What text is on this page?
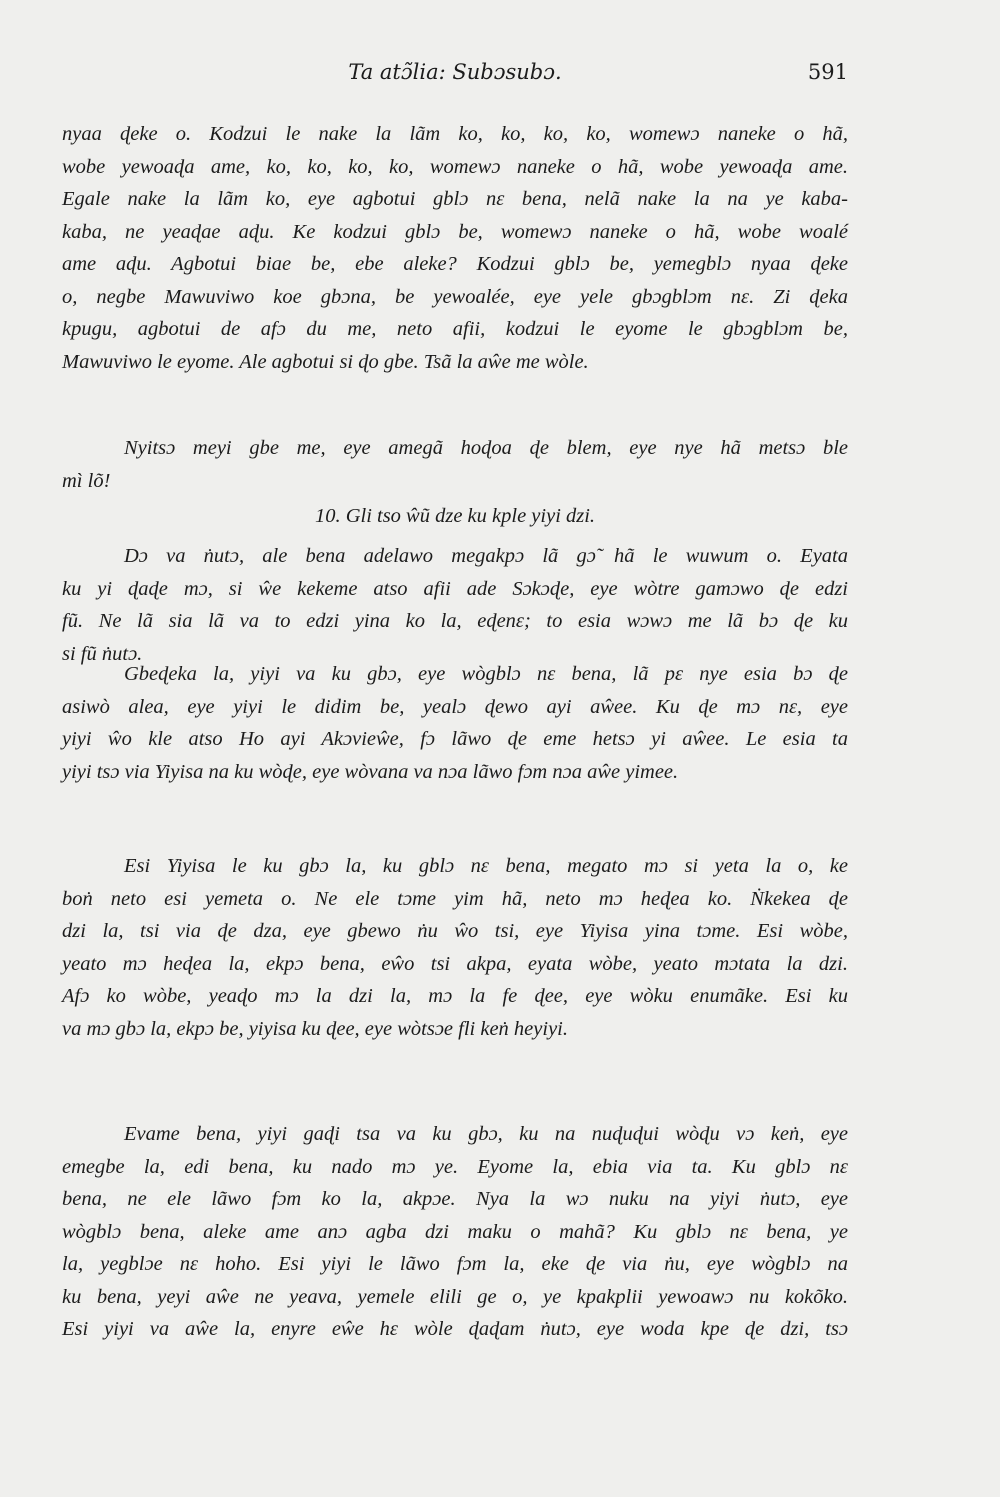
Ta atɔ̃lia: Subɔsubɔ.	591
nyaa ɖeke o. Kodzui le nake la lãm ko, ko, ko, ko, womewɔ naneke o hã,
wobe yewoaɖa ame, ko, ko, ko, ko, womewɔ naneke o hã, wobe yewoaɖa ame.
Egale nake la lãm ko, eye agbotui gblɔ nɛ bena, nelã nake la na ye kaba-
kaba, ne yeaɖae aɖu. Ke kodzui gblɔ be, womewɔ naneke o hã, wobe woalé
ame aɖu. Agbotui biae be, ebe aleke? Kodzui gblɔ be, yemegblɔ nyaa ɖeke
o, negbe Mawuviwo koe gbɔna, be yewoalée, eye yele gbɔgblɔm nɛ. Zi ɖeka
kpugu, agbotui de afɔ du me, neto afii, kodzui le eyome le gbɔgblɔm be,
Mawuviwo le eyome. Ale agbotui si ɖo gbe. Tsã la aŵe me wòle.
Nyitsɔ meyi gbe me, eye amegã hoɖoa ɖe blem, eye nye hã metsɔ ble
mì lõ!
10. Gli tso ŵũ dze ku kple yiyi dzi.
Dɔ va ṅutɔ, ale bena adelawo megakpɔ lã gɔ̃ hã le wuwum o. Eyata
ku yi ɖaɖe mɔ, si ŵe kekeme atso afii ade Sɔkɔɖe, eye wòtre gamɔwo ɖe edzi
fũ. Ne lã sia lã va to edzi yina ko la, eɖenɛ; to esia wɔwɔ me lã bɔ ɖe ku
si fũ ṅutɔ.
Gbeɖeka la, yiyi va ku gbɔ, eye wògblɔ nɛ bena, lã pɛ nye esia bɔ ɖe
asiwò alea, eye yiyi le didim be, yealɔ ɖewo ayi aŵee. Ku ɖe mɔ nɛ, eye
yiyi ŵo kle atso Ho ayi Akɔvieŵe, fɔ lãwo ɖe eme hetsɔ yi aŵee. Le esia ta
yiyi tsɔ via Yiyisa na ku wòɖe, eye wòvana va nɔa lãwo fɔm nɔa aŵe yimee.
Esi Yiyisa le ku gbɔ la, ku gblɔ nɛ bena, megato mɔ si yeta la o, ke
boṅ neto esi yemeta o. Ne ele tɔme yim hã, neto mɔ heɖea ko. Ṅkekea ɖe
dzi la, tsi via ɖe dza, eye gbewo ṅu ŵo tsi, eye Yiyisa yina tɔme. Esi wòbe,
yeato mɔ heɖea la, ekpɔ bena, eŵo tsi akpa, eyata wòbe, yeato mɔtata la dzi.
Afɔ ko wòbe, yeaɖo mɔ la dzi la, mɔ la fe ɖee, eye wòku enumãke. Esi ku
va mɔ gbɔ la, ekpɔ be, yiyisa ku ɖee, eye wòtsɔe fli keṅ heyiyi.
Evame bena, yiyi gaɖi tsa va ku gbɔ, ku na nuɖuɖui wòɖu vɔ keṅ, eye
emegbe la, edi bena, ku nado mɔ ye. Eyome la, ebia via ta. Ku gblɔ nɛ
bena, ne ele lãwo fɔm ko la, akpɔe. Nya la wɔ nuku na yiyi ṅutɔ, eye
wògblɔ bena, aleke ame anɔ agba dzi maku o mahã? Ku gblɔ nɛ bena, ye
la, yegblɔe nɛ hoho. Esi yiyi le lãwo fɔm la, eke ɖe via ṅu, eye wògblɔ na
ku bena, yeyi aŵe ne yeava, yemele elili ge o, ye kpakplii yewoawɔ nu kokõko.
Esi yiyi va aŵe la, enyre eŵe hɛ wòle ɖaɖam ṅutɔ, eye woda kpe ɖe dzi, tsɔ
